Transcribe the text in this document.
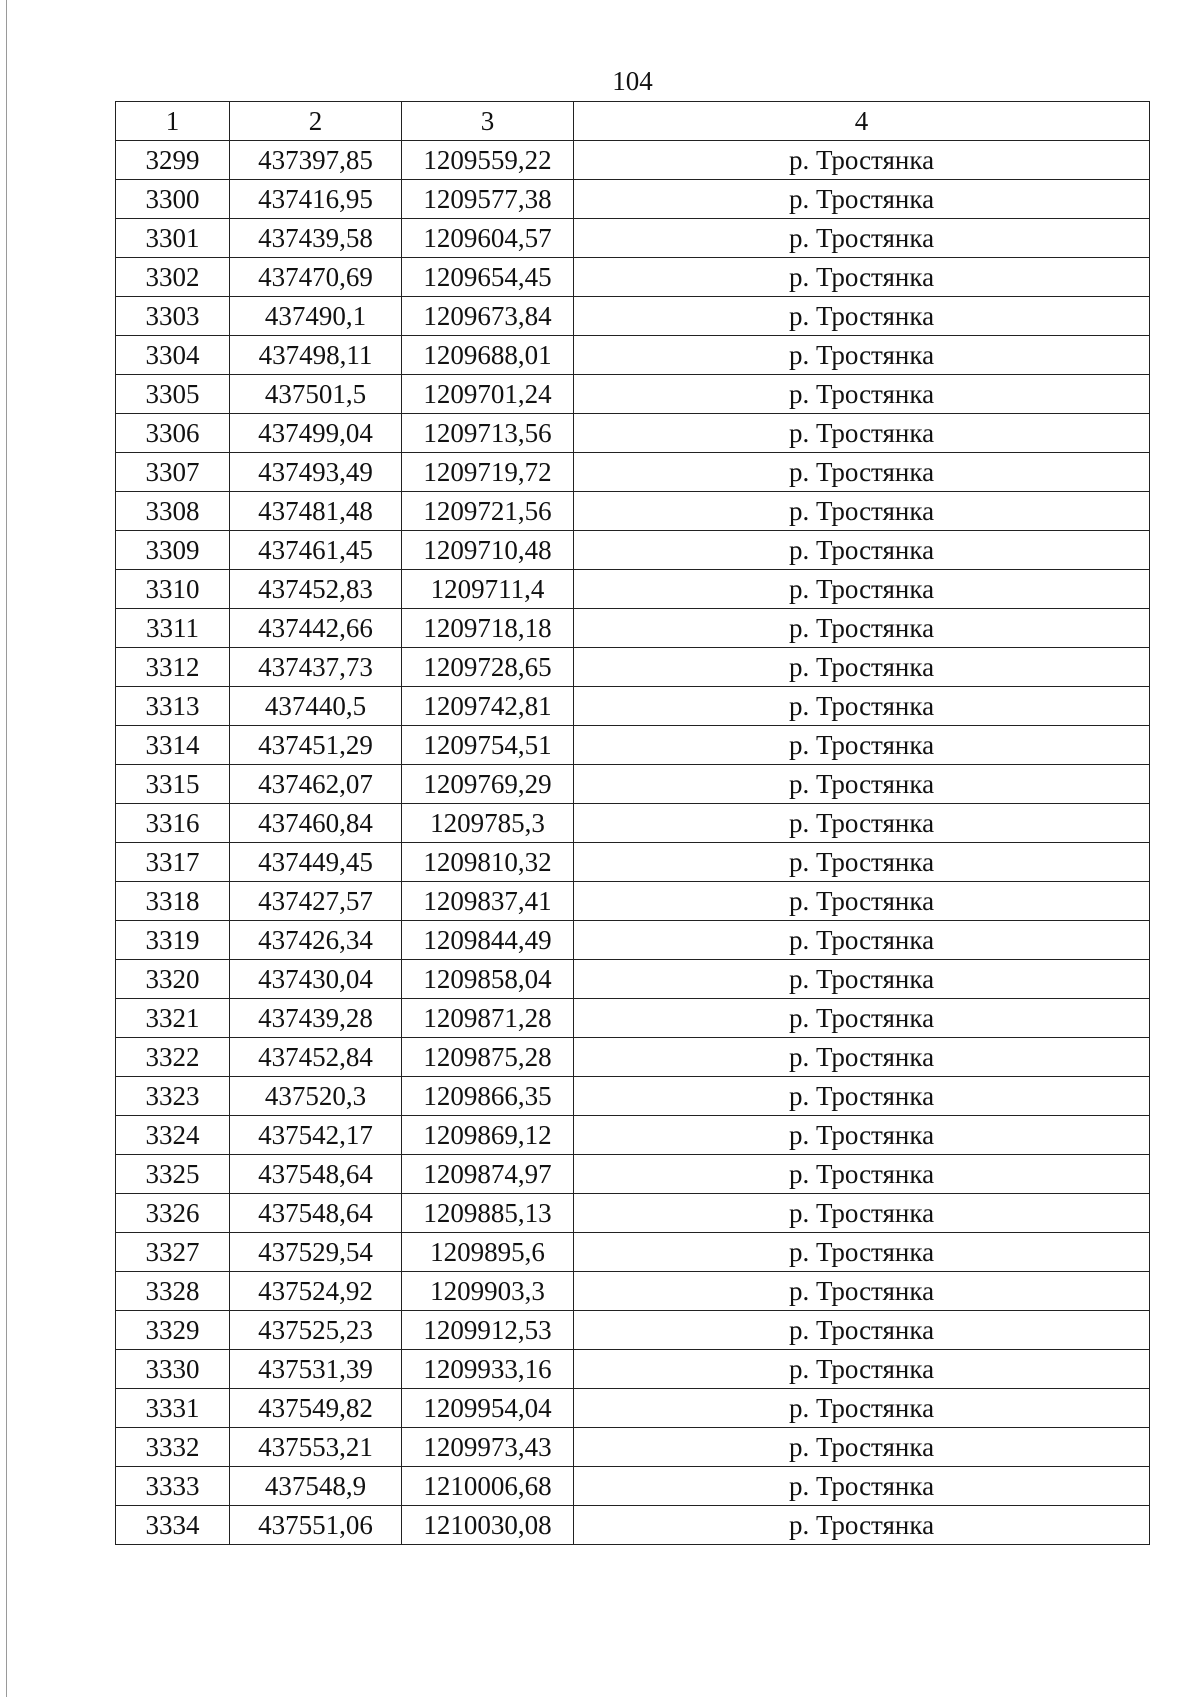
104
1	2	3	4
3299	437397,85	1209559,22	р. Тростянка
3300	437416,95	1209577,38	р. Тростянка
3301	437439,58	1209604,57	р. Тростянка
3302	437470,69	1209654,45	р. Тростянка
3303	437490,1	1209673,84	р. Тростянка
3304	437498,11	1209688,01	р. Тростянка
3305	437501,5	1209701,24	р. Тростянка
3306	437499,04	1209713,56	р. Тростянка
3307	437493,49	1209719,72	р. Тростянка
3308	437481,48	1209721,56	р. Тростянка
3309	437461,45	1209710,48	р. Тростянка
3310	437452,83	1209711,4	р. Тростянка
3311	437442,66	1209718,18	р. Тростянка
3312	437437,73	1209728,65	р. Тростянка
3313	437440,5	1209742,81	р. Тростянка
3314	437451,29	1209754,51	р. Тростянка
3315	437462,07	1209769,29	р. Тростянка
3316	437460,84	1209785,3	р. Тростянка
3317	437449,45	1209810,32	р. Тростянка
3318	437427,57	1209837,41	р. Тростянка
3319	437426,34	1209844,49	р. Тростянка
3320	437430,04	1209858,04	р. Тростянка
3321	437439,28	1209871,28	р. Тростянка
3322	437452,84	1209875,28	р. Тростянка
3323	437520,3	1209866,35	р. Тростянка
3324	437542,17	1209869,12	р. Тростянка
3325	437548,64	1209874,97	р. Тростянка
3326	437548,64	1209885,13	р. Тростянка
3327	437529,54	1209895,6	р. Тростянка
3328	437524,92	1209903,3	р. Тростянка
3329	437525,23	1209912,53	р. Тростянка
3330	437531,39	1209933,16	р. Тростянка
3331	437549,82	1209954,04	р. Тростянка
3332	437553,21	1209973,43	р. Тростянка
3333	437548,9	1210006,68	р. Тростянка
3334	437551,06	1210030,08	р. Тростянка
